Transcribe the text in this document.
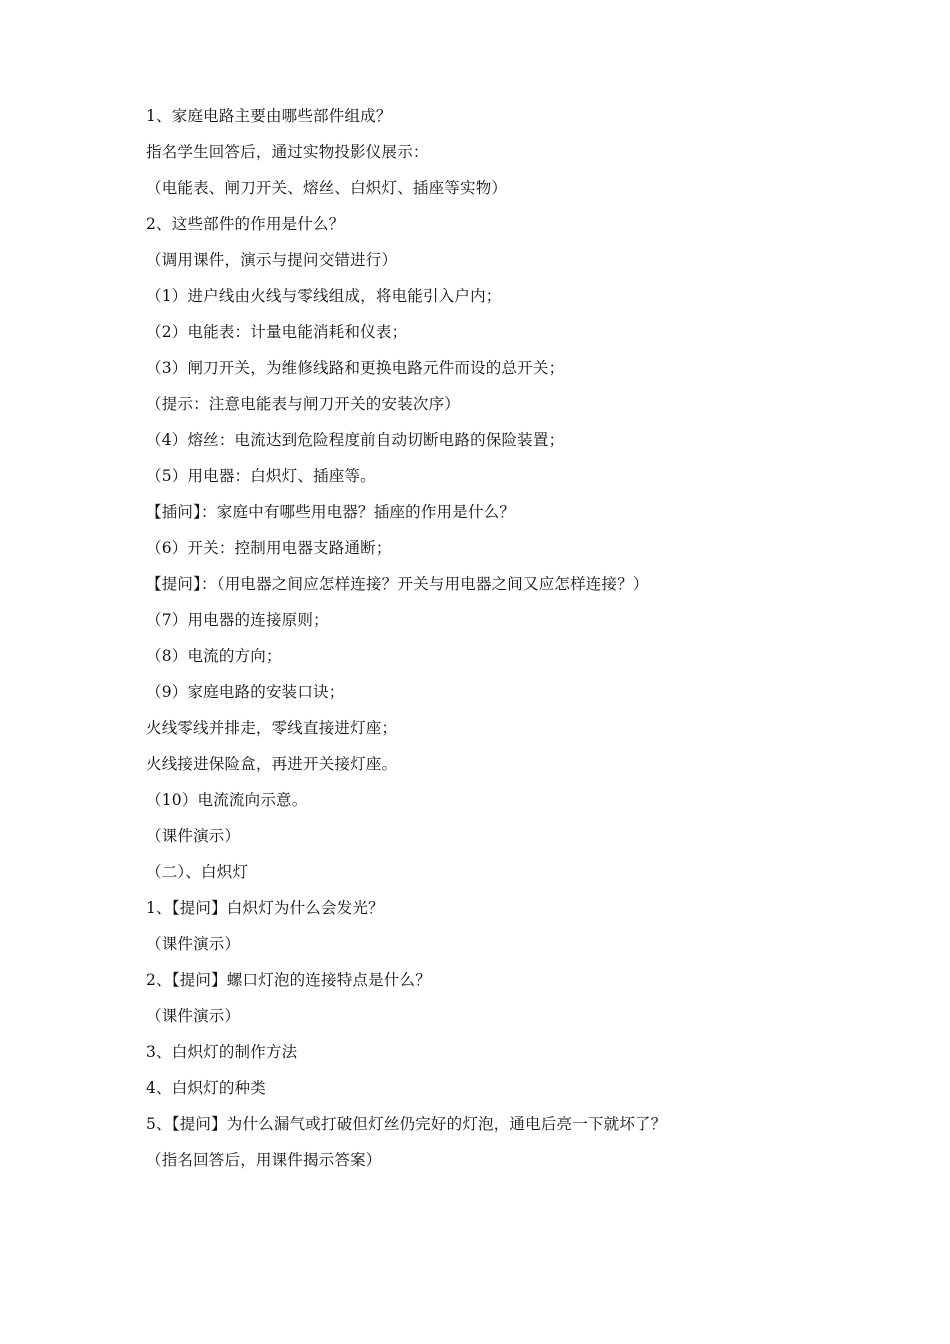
1、家庭电路主要由哪些部件组成？
指名学生回答后，通过实物投影仪展示：
（电能表、闸刀开关、熔丝、白炽灯、插座等实物）
2、这些部件的作用是什么？
（调用课件，演示与提问交错进行）
（1）进户线由火线与零线组成，将电能引入户内；
（2）电能表：计量电能消耗和仪表；
（3）闸刀开关，为维修线路和更换电路元件而设的总开关；
（提示：注意电能表与闸刀开关的安装次序）
（4）熔丝：电流达到危险程度前自动切断电路的保险装置；
（5）用电器：白炽灯、插座等。
【插问】：家庭中有哪些用电器？插座的作用是什么？
（6）开关：控制用电器支路通断；
【提问】：（用电器之间应怎样连接？开关与用电器之间又应怎样连接？）
（7）用电器的连接原则；
（8）电流的方向；
（9）家庭电路的安装口诀；
火线零线并排走，零线直接进灯座；
火线接进保险盒，再进开关接灯座。
（10）电流流向示意。
（课件演示）
（二）、白炽灯
1、【提问】白炽灯为什么会发光？
（课件演示）
2、【提问】螺口灯泡的连接特点是什么？
（课件演示）
3、白炽灯的制作方法
4、白炽灯的种类
5、【提问】为什么漏气或打破但灯丝仍完好的灯泡，通电后亮一下就坏了？
（指名回答后，用课件揭示答案）
